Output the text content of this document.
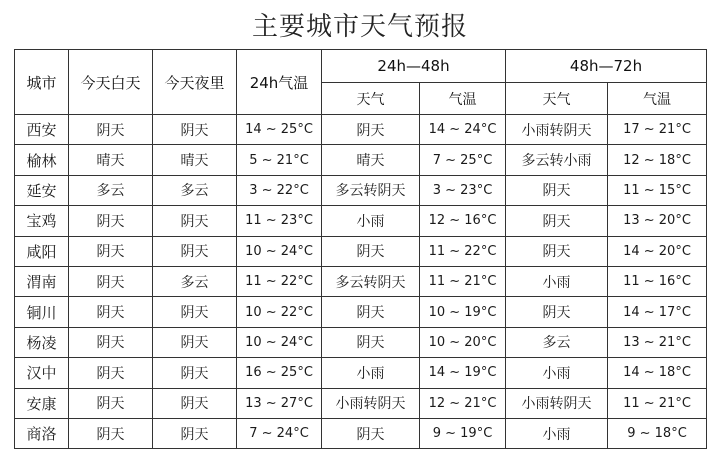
主要城市天气预报
城市	今天白天	今天夜里	24h气温	24h—48h		48h—72h	
				天气	气温	天气	气温
西安	阴天	阴天	14 ~ 25°C	阴天	14 ~ 24°C	小雨转阴天	17 ~ 21°C
榆林	晴天	晴天	5 ~ 21°C	晴天	7 ~ 25°C	多云转小雨	12 ~ 18°C
延安	多云	多云	3 ~ 22°C	多云转阴天	3 ~ 23°C	阴天	11 ~ 15°C
宝鸡	阴天	阴天	11 ~ 23°C	小雨	12 ~ 16°C	阴天	13 ~ 20°C
咸阳	阴天	阴天	10 ~ 24°C	阴天	11 ~ 22°C	阴天	14 ~ 20°C
渭南	阴天	多云	11 ~ 22°C	多云转阴天	11 ~ 21°C	小雨	11 ~ 16°C
铜川	阴天	阴天	10 ~ 22°C	阴天	10 ~ 19°C	阴天	14 ~ 17°C
杨凌	阴天	阴天	10 ~ 24°C	阴天	10 ~ 20°C	多云	13 ~ 21°C
汉中	阴天	阴天	16 ~ 25°C	小雨	14 ~ 19°C	小雨	14 ~ 18°C
安康	阴天	阴天	13 ~ 27°C	小雨转阴天	12 ~ 21°C	小雨转阴天	11 ~ 21°C
商洛	阴天	阴天	7 ~ 24°C	阴天	9 ~ 19°C	小雨	9 ~ 18°C
